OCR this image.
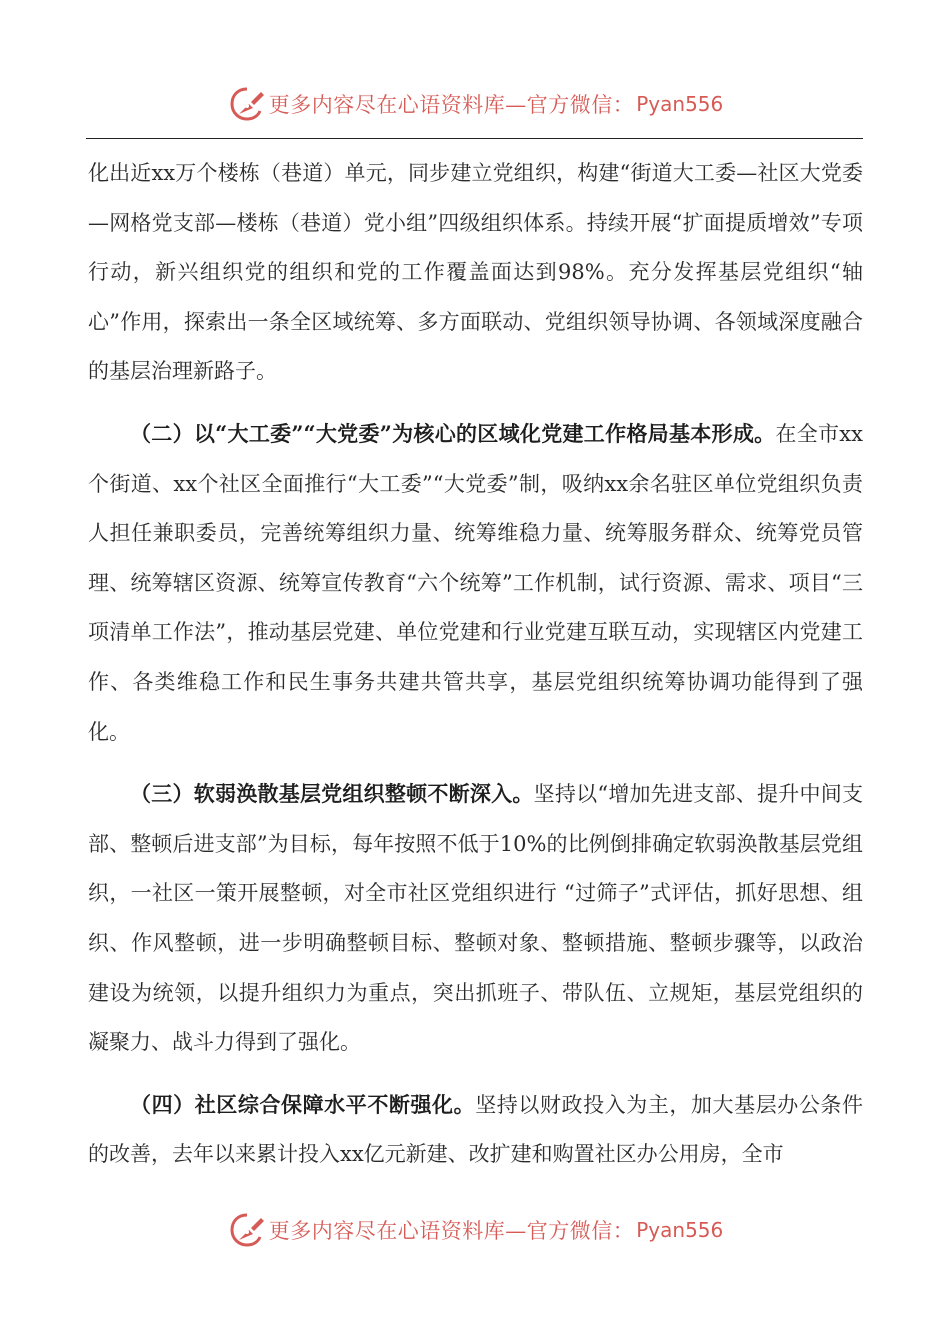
更多内容尽在心语资料库—官方微信： Pyan556

化出近xx万个楼栋（巷道）单元，同步建立党组织，构建“街道大工委—社区大党委—网格党支部—楼栋（巷道）党小组”四级组织体系。持续开展“扩面提质增效”专项行动，新兴组织党的组织和党的工作覆盖面达到98%。充分发挥基层党组织“轴心”作用，探索出一条全区域统筹、多方面联动、党组织领导协调、各领域深度融合的基层治理新路子。

（二）以“大工委”“大党委”为核心的区域化党建工作格局基本形成。在全市xx个街道、xx个社区全面推行“大工委”“大党委”制，吸纳xx余名驻区单位党组织负责人担任兼职委员，完善统筹组织力量、统筹维稳力量、统筹服务群众、统筹党员管理、统筹辖区资源、统筹宣传教育“六个统筹”工作机制，试行资源、需求、项目“三项清单工作法”，推动基层党建、单位党建和行业党建互联互动，实现辖区内党建工作、各类维稳工作和民生事务共建共管共享，基层党组织统筹协调功能得到了强化。

（三）软弱涣散基层党组织整顿不断深入。坚持以“增加先进支部、提升中间支部、整顿后进支部”为目标，每年按照不低于10%的比例倒排确定软弱涣散基层党组织，一社区一策开展整顿，对全市社区党组织进行 “过筛子”式评估，抓好思想、组织、作风整顿，进一步明确整顿目标、整顿对象、整顿措施、整顿步骤等，以政治建设为统领，以提升组织力为重点，突出抓班子、带队伍、立规矩，基层党组织的凝聚力、战斗力得到了强化。

（四）社区综合保障水平不断强化。坚持以财政投入为主，加大基层办公条件的改善，去年以来累计投入xx亿元新建、改扩建和购置社区办公用房，全市

更多内容尽在心语资料库—官方微信： Pyan556
